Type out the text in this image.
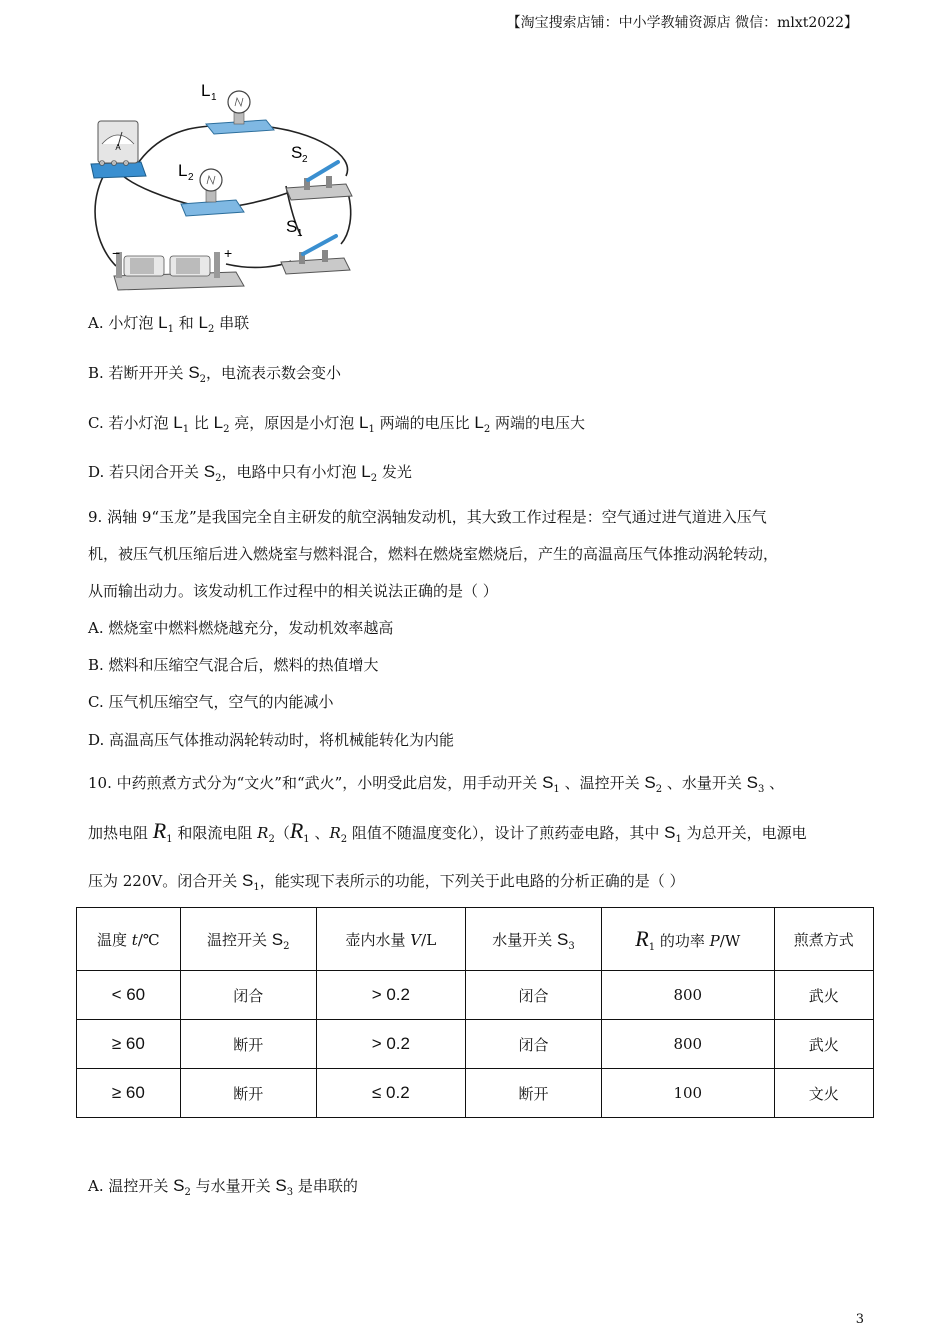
【淘宝搜索店铺：中小学教辅资源店 微信：mlxt2022】
A
L 1
L 2
S 2
S 1
−	+
A. 小灯泡 $L_1$ 和 $L_2$ 串联
B. 若断开开关 $S_2$，电流表示数会变小
C. 若小灯泡 $L_1$ 比 $L_2$ 亮，原因是小灯泡 $L_1$ 两端的电压比 $L_2$ 两端的电压大
D. 若只闭合开关 $S_2$，电路中只有小灯泡 $L_2$ 发光
9. 涡轴 9“玉龙”是我国完全自主研发的航空涡轴发动机，其大致工作过程是：空气通过进气道进入压气
机，被压气机压缩后进入燃烧室与燃料混合，燃料在燃烧室燃烧后，产生的高温高压气体推动涡轮转动，
从而输出动力。该发动机工作过程中的相关说法正确的是（ ）
A. 燃烧室中燃料燃烧越充分，发动机效率越高
B. 燃料和压缩空气混合后，燃料的热值增大
C. 压气机压缩空气，空气的内能减小
D. 高温高压气体推动涡轮转动时，将机械能转化为内能
10. 中药煎煮方式分为“文火”和“武火”，小明受此启发，用手动开关 $S_1$ 、温控开关 $S_2$ 、水量开关 $S_3$ 、
加热电阻 $R_1$ 和限流电阻 $R_2(R_1$ 、$R_2$ 阻值不随温度变化），设计了煎药壶电路，其中 $S_1$ 为总开关，电源电
压为 220V。闭合开关 $S_1$，能实现下表所示的功能，下列关于此电路的分析正确的是（ ）
温度 t/℃	温控开关 $S_2$	壶内水量 V/L	水量开关 $S_3$	$R_1$ 的功率 P/W	煎煮方式
< 60	闭合	> 0.2	闭合	800	武火
≥ 60	断开	> 0.2	闭合	800	武火
≥ 60	断开	≤ 0.2	断开	100	文火
A. 温控开关 $S_2$ 与水量开关 $S_3$ 是串联的
3
